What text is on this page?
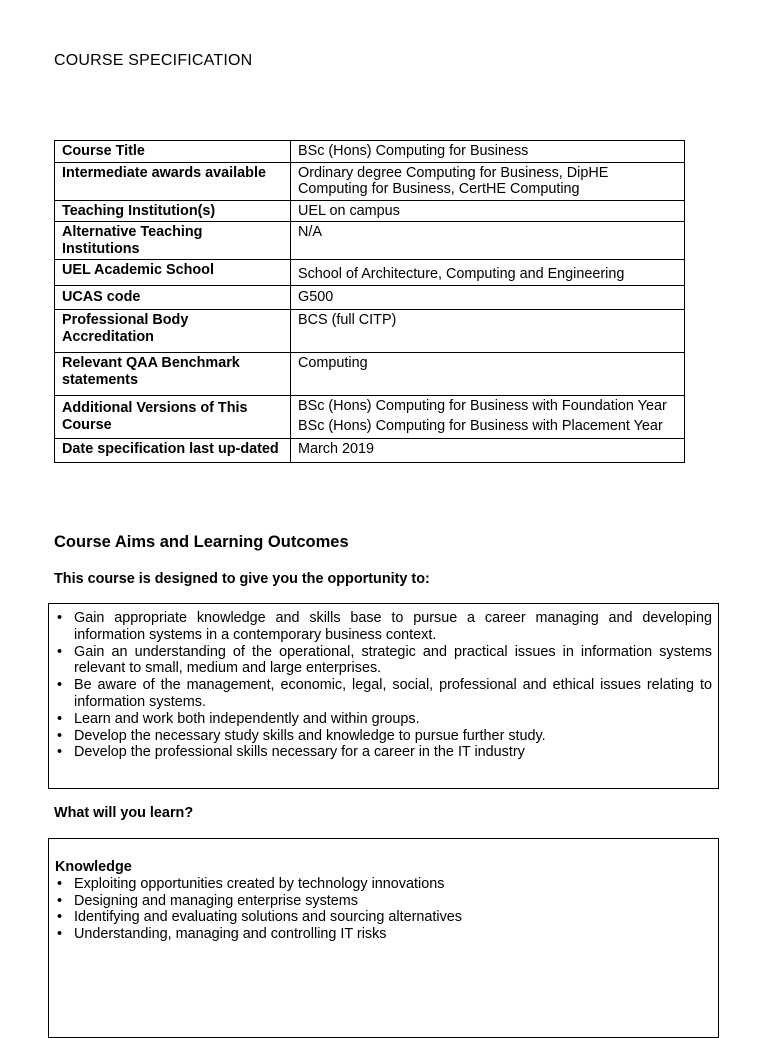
COURSE SPECIFICATION
Course Title	BSc (Hons) Computing for Business
Intermediate awards available	Ordinary degree Computing for Business, DipHE Computing for Business, CertHE Computing
Teaching Institution(s)	UEL on campus
Alternative Teaching Institutions	N/A
UEL Academic School	School of Architecture, Computing and Engineering
UCAS code	G500
Professional Body Accreditation	BCS (full CITP)
Relevant QAA Benchmark statements	Computing
Additional Versions of This Course	BSc (Hons) Computing for Business with Foundation Year
BSc (Hons) Computing for Business with Placement Year

Date specification last up-dated	March 2019
Course Aims and Learning Outcomes
This course is designed to give you the opportunity to:
• Gain appropriate knowledge and skills base to pursue a career managing and developing information systems in a contemporary business context.
• Gain an understanding of the operational, strategic and practical issues in information systems relevant to small, medium and large enterprises.
• Be aware of the management, economic, legal, social, professional and ethical issues relating to information systems.
• Learn and work both independently and within groups.
• Develop the necessary study skills and knowledge to pursue further study.
• Develop the professional skills necessary for a career in the IT industry
What will you learn?
Knowledge
• Exploiting opportunities created by technology innovations
• Designing and managing enterprise systems
• Identifying and evaluating solutions and sourcing alternatives
• Understanding, managing and controlling IT risks
